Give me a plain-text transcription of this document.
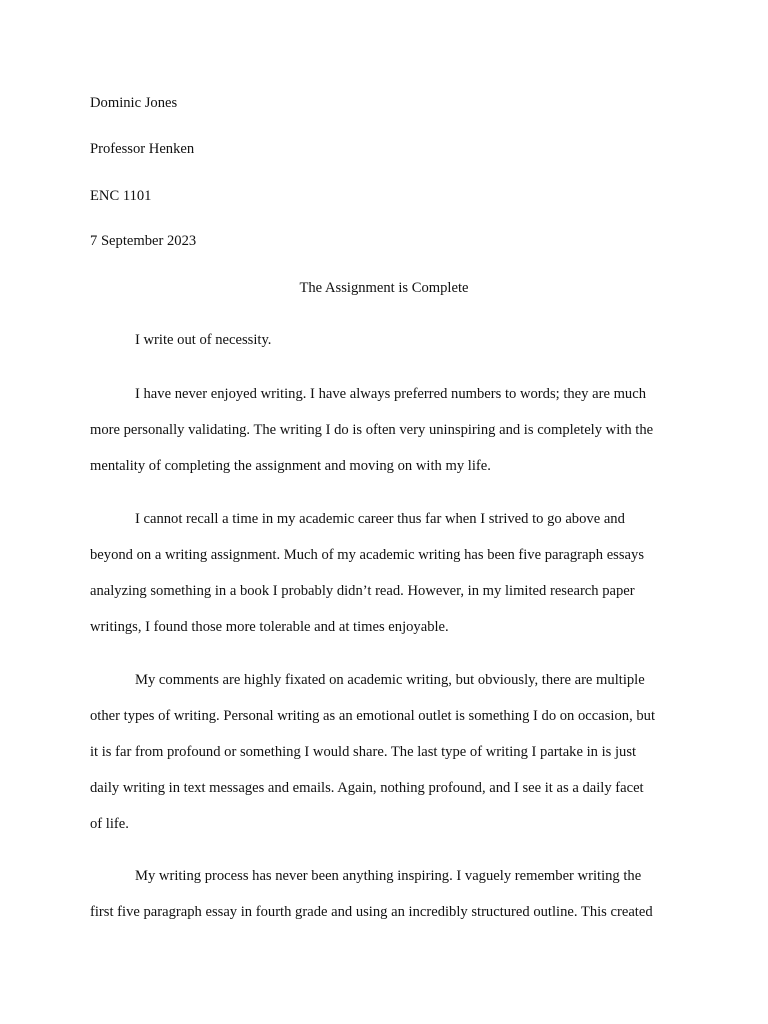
Dominic Jones
Professor Henken
ENC 1101
7 September 2023
The Assignment is Complete
I write out of necessity.
I have never enjoyed writing. I have always preferred numbers to words; they are much
more personally validating. The writing I do is often very uninspiring and is completely with the
mentality of completing the assignment and moving on with my life.
I cannot recall a time in my academic career thus far when I strived to go above and
beyond on a writing assignment. Much of my academic writing has been five paragraph essays
analyzing something in a book I probably didn’t read. However, in my limited research paper
writings, I found those more tolerable and at times enjoyable.
My comments are highly fixated on academic writing, but obviously, there are multiple
other types of writing. Personal writing as an emotional outlet is something I do on occasion, but
it is far from profound or something I would share. The last type of writing I partake in is just
daily writing in text messages and emails. Again, nothing profound, and I see it as a daily facet
of life.
My writing process has never been anything inspiring. I vaguely remember writing the
first five paragraph essay in fourth grade and using an incredibly structured outline. This created
